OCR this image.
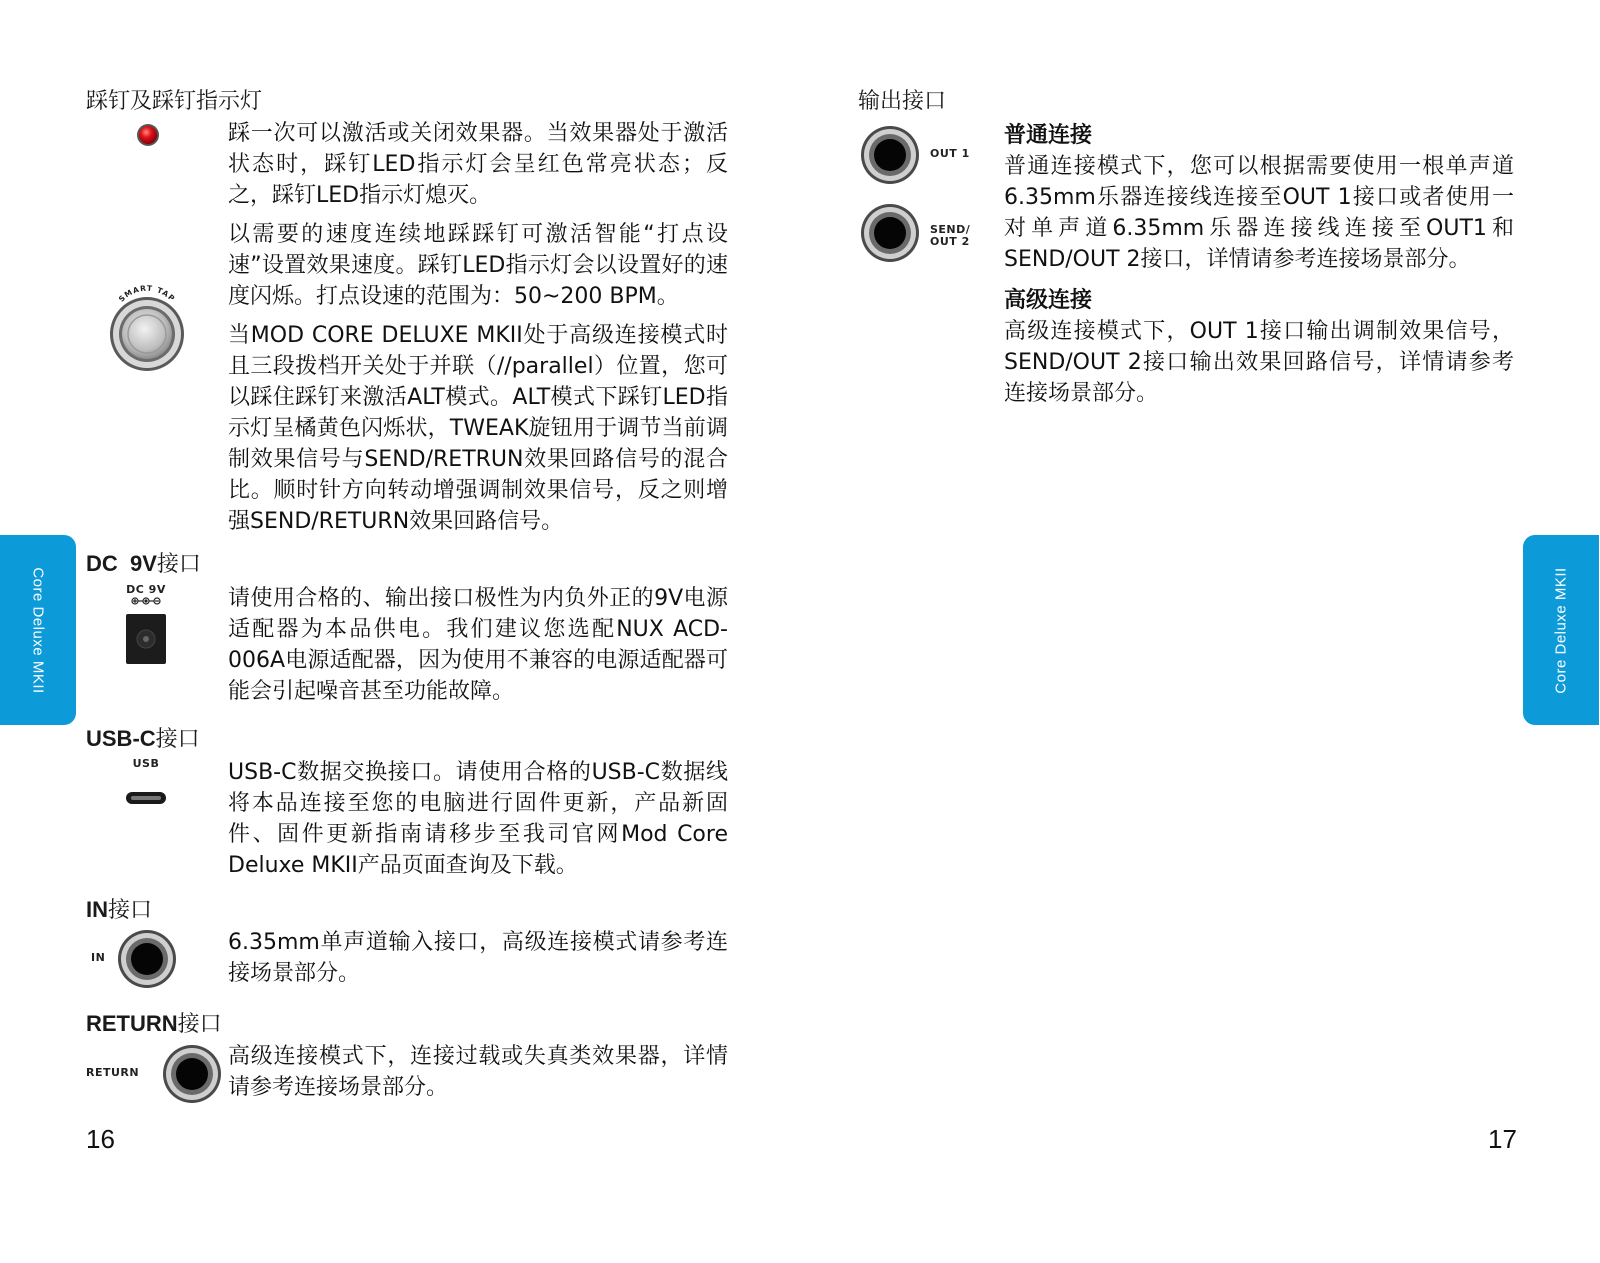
Core Deluxe MKII	Core Deluxe MKII
踩钉及踩钉指示灯
SMART TAP

踩一次可以激活或关闭效果器。当效果器处于激活状态时，踩钉LED指示灯会呈红色常亮状态；反之，踩钉LED指示灯熄灭。

以需要的速度连续地踩踩钉可激活智能“打点设速”设置效果速度。踩钉LED指示灯会以设置好的速度闪烁。打点设速的范围为：50~200 BPM。

当MOD CORE DELUXE MKII处于高级连接模式时且三段拨档开关处于并联（//parallel）位置，您可以踩住踩钉来激活ALT模式。ALT模式下踩钉LED指示灯呈橘黄色闪烁状，TWEAK旋钮用于调节当前调制效果信号与SEND/RETRUN效果回路信号的混合比。顺时针方向转动增强调制效果信号，反之则增强SEND/RETURN效果回路信号。

DC  9V接口
DC 9V	请使用合格的、输出接口极性为内负外正的9V电源适配器为本品供电。我们建议您选配NUX ACD-006A电源适配器，因为使用不兼容的电源适配器可能会引起噪音甚至功能故障。
USB-C接口
USB	USB-C数据交换接口。请使用合格的USB-C数据线将本品连接至您的电脑进行固件更新，产品新固件、固件更新指南请移步至我司官网Mod Core Deluxe MKII产品页面查询及下载。
IN接口
IN
6.35mm单声道输入接口，高级连接模式请参考连接场景部分。
RETURN接口
RETURN
高级连接模式下，连接过载或失真类效果器，详情请参考连接场景部分。
16
输出接口
OUT 1
SEND/
OUT 2
普通连接
普通连接模式下，您可以根据需要使用一根单声道6.35mm乐器连接线连接至OUT 1接口或者使用一对单声道6.35mm乐器连接线连接至OUT1和SEND/OUT 2接口，详情请参考连接场景部分。
高级连接
高级连接模式下，OUT 1接口输出调制效果信号，SEND/OUT 2接口输出效果回路信号，详情请参考连接场景部分。
17
